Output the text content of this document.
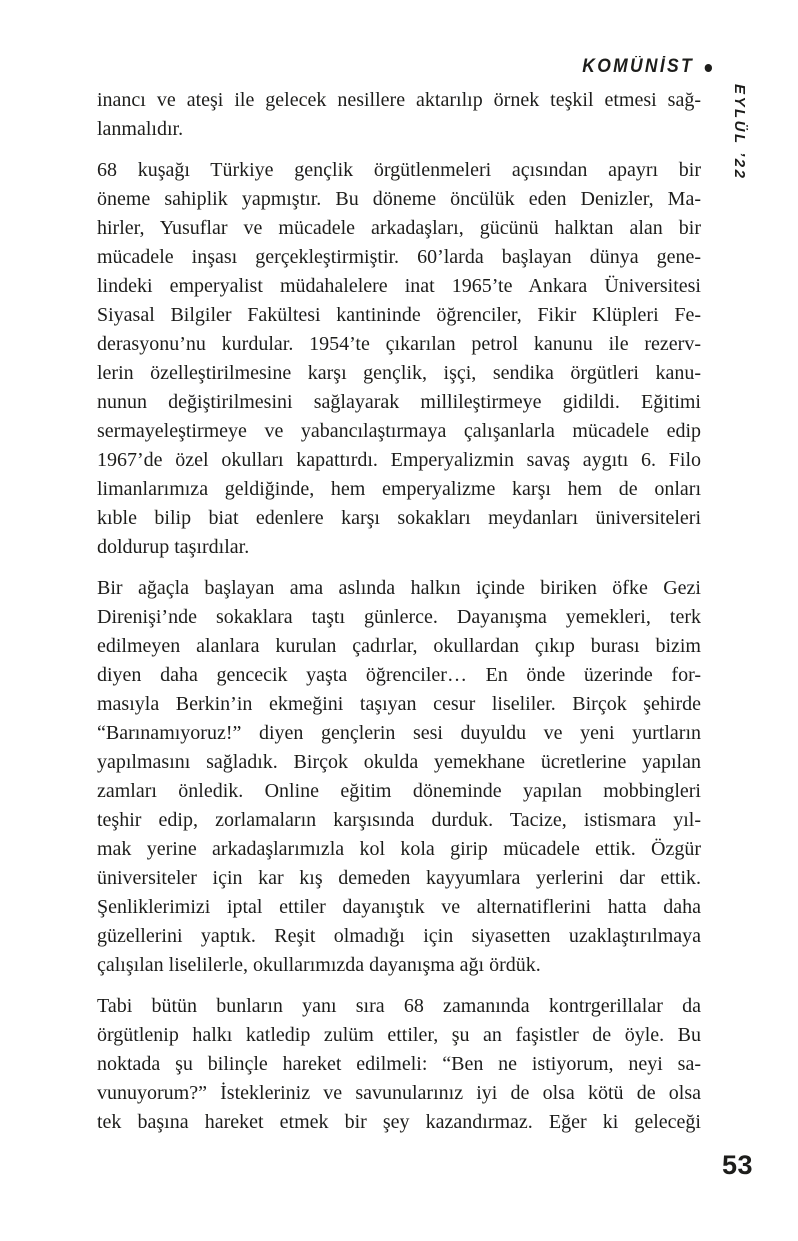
KOMÜNİST
EYLÜL ’22
inancı ve ateşi ile gelecek nesillere aktarılıp örnek teşkil etmesi sağ-
lanmalıdır.
68 kuşağı Türkiye gençlik örgütlenmeleri açısından apayrı bir
öneme sahiplik yapmıştır. Bu döneme öncülük eden Denizler, Ma-
hirler, Yusuflar ve mücadele arkadaşları, gücünü halktan alan bir
mücadele inşası gerçekleştirmiştir. 60’larda başlayan dünya gene-
lindeki emperyalist müdahalelere inat 1965’te Ankara Üniversitesi
Siyasal Bilgiler Fakültesi kantininde öğrenciler, Fikir Klüpleri Fe-
derasyonu’nu kurdular. 1954’te çıkarılan petrol kanunu ile rezerv-
lerin özelleştirilmesine karşı gençlik, işçi, sendika örgütleri kanu-
nunun değiştirilmesini sağlayarak millileştirmeye gidildi. Eğitimi
sermayeleştirmeye ve yabancılaştırmaya çalışanlarla mücadele edip
1967’de özel okulları kapattırdı. Emperyalizmin savaş aygıtı 6. Filo
limanlarımıza geldiğinde, hem emperyalizme karşı hem de onları
kıble bilip biat edenlere karşı sokakları meydanları üniversiteleri
doldurup taşırdılar.
Bir ağaçla başlayan ama aslında halkın içinde biriken öfke Gezi
Direnişi’nde sokaklara taştı günlerce. Dayanışma yemekleri, terk
edilmeyen alanlara kurulan çadırlar, okullardan çıkıp burası bizim
diyen daha gencecik yaşta öğrenciler… En önde üzerinde for-
masıyla Berkin’in ekmeğini taşıyan cesur liseliler. Birçok şehirde
“Barınamıyoruz!” diyen gençlerin sesi duyuldu ve yeni yurtların
yapılmasını sağladık. Birçok okulda yemekhane ücretlerine yapılan
zamları önledik. Online eğitim döneminde yapılan mobbingleri
teşhir edip, zorlamaların karşısında durduk. Tacize, istismara yıl-
mak yerine arkadaşlarımızla kol kola girip mücadele ettik. Özgür
üniversiteler için kar kış demeden kayyumlara yerlerini dar ettik.
Şenliklerimizi iptal ettiler dayanıştık ve alternatiflerini hatta daha
güzellerini yaptık. Reşit olmadığı için siyasetten uzaklaştırılmaya
çalışılan liselilerle, okullarımızda dayanışma ağı ördük.
Tabi bütün bunların yanı sıra 68 zamanında kontrgerillalar da
örgütlenip halkı katledip zulüm ettiler, şu an faşistler de öyle. Bu
noktada şu bilinçle hareket edilmeli: “Ben ne istiyorum, neyi sa-
vunuyorum?” İstekleriniz ve savunularınız iyi de olsa kötü de olsa
tek başına hareket etmek bir şey kazandırmaz. Eğer ki geleceği
53
